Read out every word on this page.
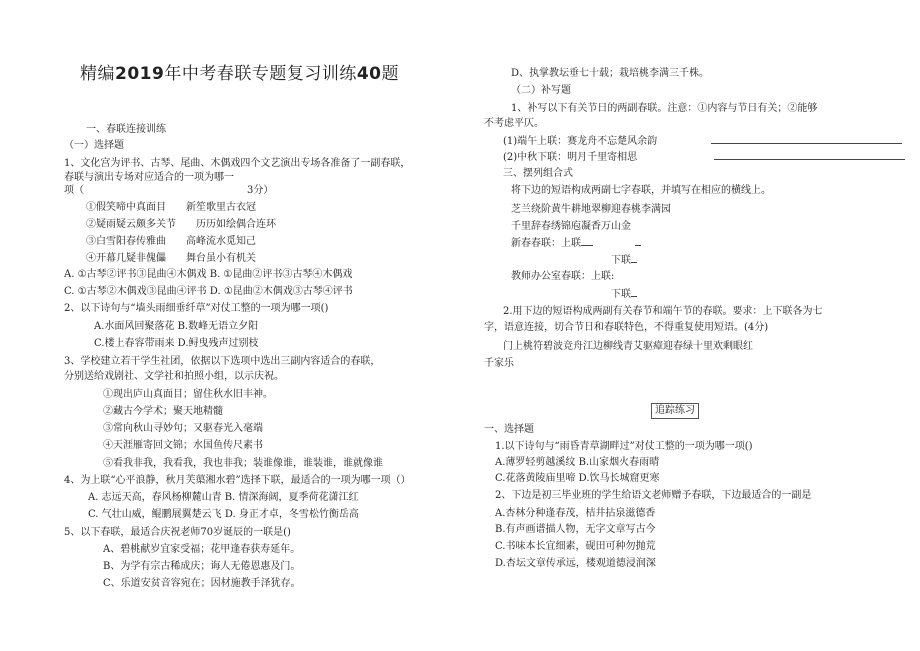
精编2019年中考春联专题复习训练40题
一、春联连接训练
（一）选择题
1、文化宫为评书、古琴、尾曲、木偶戏四个文艺演出专场各准备了一副春联，
春联与演出专场对应适合的一项为哪一
项（	3分）
①假笑啼中真面目　　新笙歌里古衣冠
②疑雨疑云颇多关节　　历历如绘偶合连环
③白雪阳春传雅曲　　高峰流水觅知己
④开幕几疑非傀儡　　舞台虽小有机关
A. ①古琴②评书③昆曲④木偶戏 B. ①昆曲②评书③古琴④木偶戏
C. ①古琴②木偶戏③昆曲④评书 D. ①昆曲②木偶戏③古琴④评书
2、以下诗句与“墙头雨细垂纤草”对仗工整的一项为哪一项()
A.水面风回聚落花 B.数峰无语立夕阳
C.楼上春容带雨来 D.鲟曳残声过别枝
3、学校建立若干学生社团，依据以下选项中选出三副内容适合的春联，
分别送给戏剧社、文学社和拍照小组，以示庆祝。
①现出庐山真面目；留住秋水旧丰神。
②藏古今学术；聚天地精髓
③常向秋山寻妙句；又驱春光入毫端
④天涯雁寄回文锦；水国鱼传尺素书
⑤看我非我，我看我，我也非我；装谁像谁，谁装谁，谁就像谁
4、为上联“心平浪静，秋月芙蕖湘水碧”选择下联，最适合的一项为哪一项（）
A. 志远天高，春风杨柳麓山青 B. 情深海阔，夏季荷花潇江红
C. 气壮山威，鲲鹏展翼楚云飞 D. 身正才卓，冬雪松竹衡岳高
5、以下春联，最适合庆祝老师70岁诞辰的一联是()
A、碧桃献岁宜家受福；花甲逢春获寿延年。
B、为学有宗古稀成庆；诲人无倦恩惠及门。
C、乐道安贫音容宛在；因材施教手泽犹存。
D、执掌教坛垂七十载；栽培桃李满三千株。
（二）补写题
1、补写以下有关节日的两副春联。注意：①内容与节日有关；②能够
不考虑平仄。
(1)端午上联：赛龙舟不忘楚风余韵
(2)中秋下联：明月千里寄相思
三、摆列组合式
将下边的短语构成两副七字春联，并填写在相应的横线上。
芝兰绕阶黄牛耕地翠柳迎春桃李满园
千里辞春绣锦庖凝香万山金
新春春联：上联
下联
教师办公室春联：上联:
下联
2.用下边的短语构成两副有关春节和端午节的春联。要求：上下联各为七
字，语意连接，切合节日和春联特色，不得重复使用短语。(4分)
门上桃符碧波竞舟江边柳线青艾驱瘴迎春绿十里欢剩眼红
千家乐
追踪练习
一、选择题
1.以下诗句与“雨昏青草湖畔过”对仗工整的一项为哪一项()
A.薄罗轻剪越溪纹 B.山家烟火春雨晴
C.花落黄陵庙里啼 D.饮马长城窟更寒
2、下边是初三毕业班的学生给语文老师赠予春联，下边最适合的一副是
A.杏林分种逢春茂，桔井拈泉滋德香
B.有声画谱描人物，无字文章写古今
C.书味本长宜细素，砚田可种勿抛荒
D.杏坛文章传承远，楼观道德浸润深
